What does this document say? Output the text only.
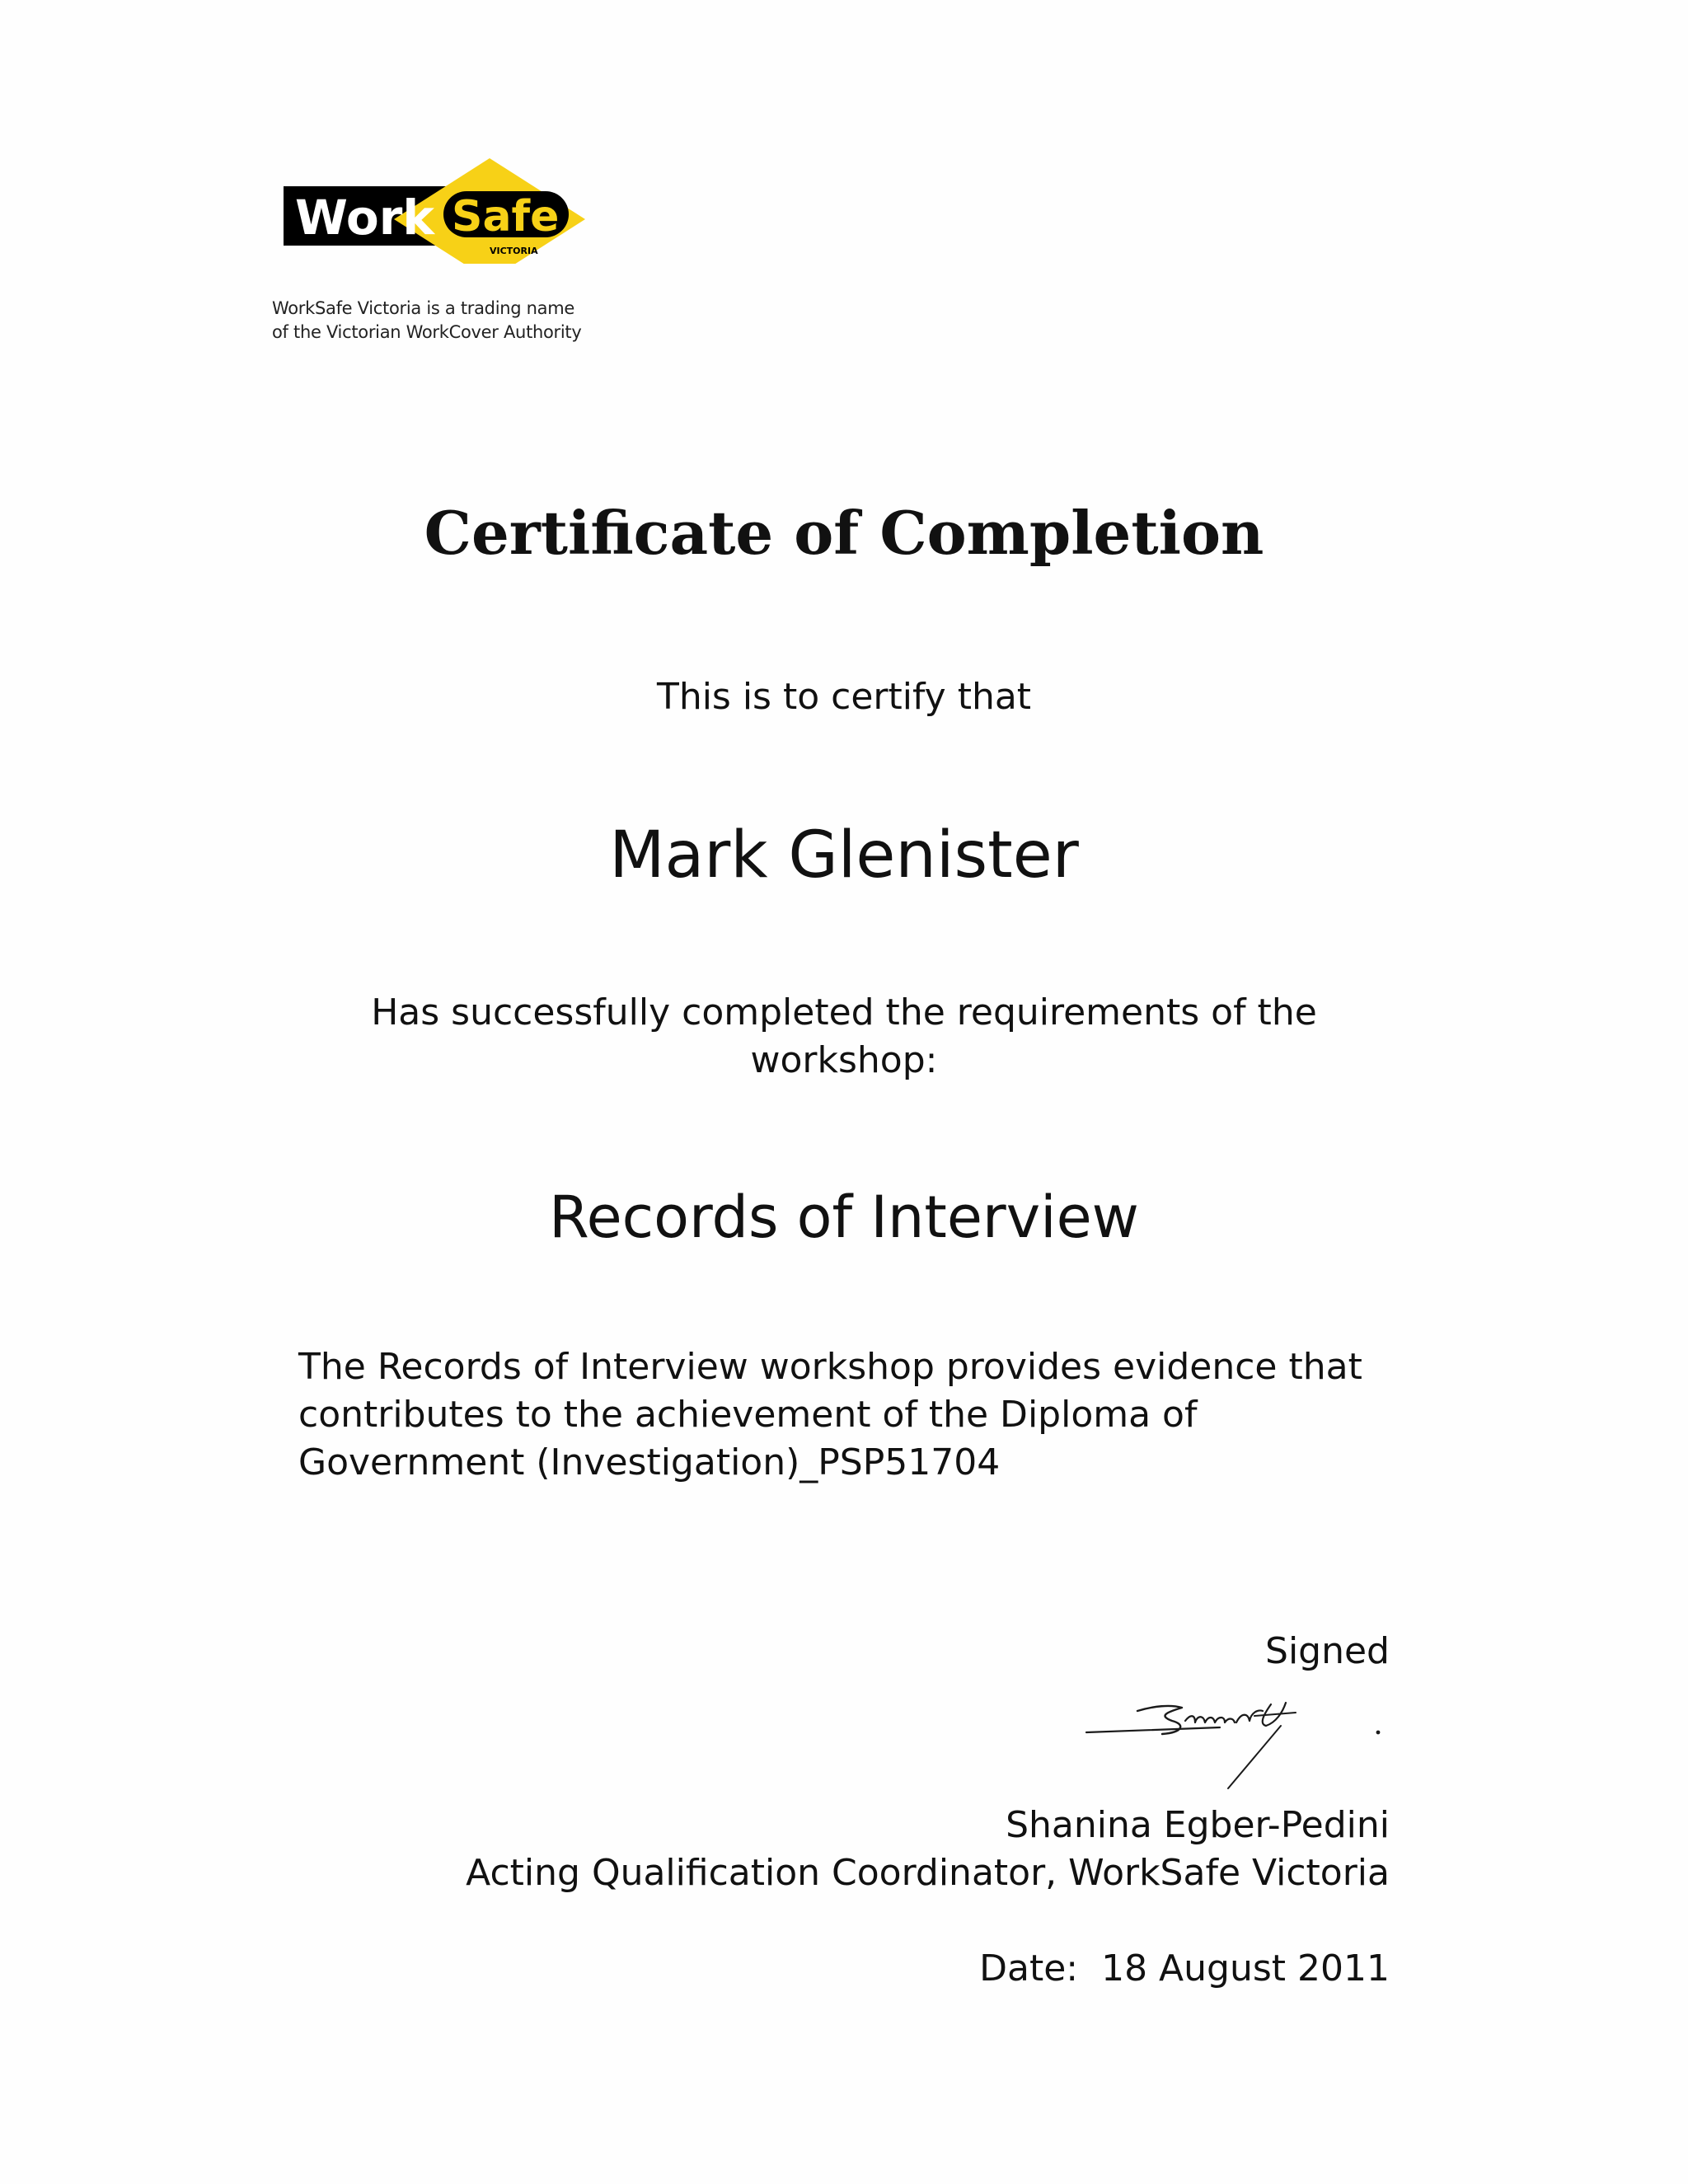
Work Safe
VICTORIA
WorkSafe Victoria is a trading name
of the Victorian WorkCover Authority
Certificate of Completion
This is to certify that
Mark Glenister
Has successfully completed the requirements of the workshop:
Records of Interview
The Records of Interview workshop provides evidence that contributes to the achievement of the Diploma of Government (Investigation)_PSP51704
Signed
Shanina Egber-Pedini
Acting Qualification Coordinator, WorkSafe Victoria
Date: 18 August 2011
